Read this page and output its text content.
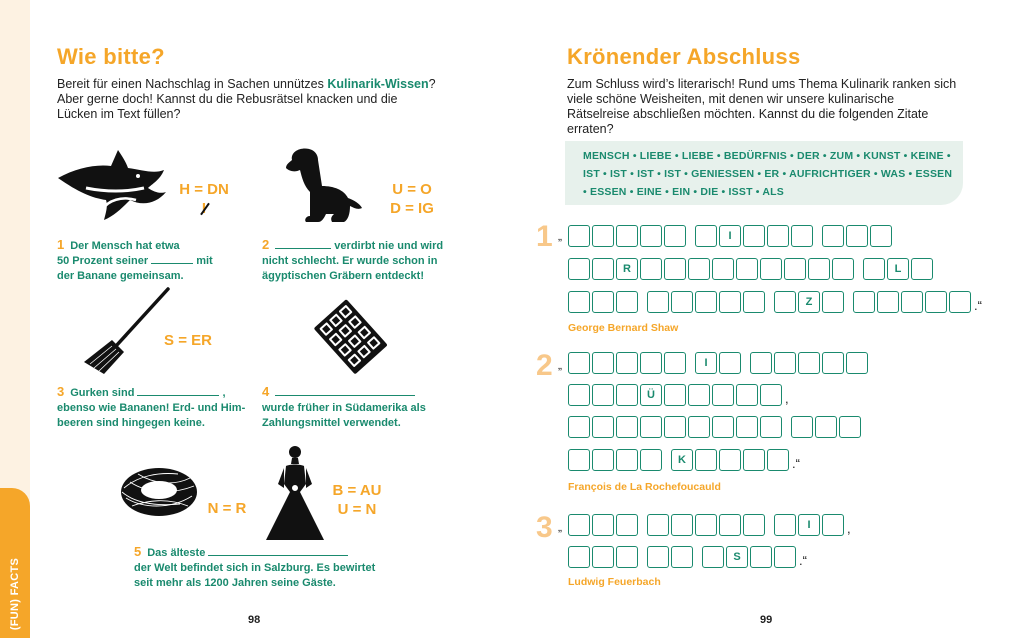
(FUN) FACTS
Wie bitte?
Bereit für einen Nachschlag in Sachen unnützes Kulinarik-Wissen? Aber gerne doch! Kannst du die Rebusrätsel knacken und die Lücken im Text füllen?
H = DN	U = O
D = IG
1 Der Mensch hat etwa
50 Prozent seiner	mit
der Banane gemeinsam.
2	verdirbt nie und wird
nicht schlecht. Er wurde schon in
ägyptischen Gräbern entdeckt!
S = ER
3 Gurken sind	,
ebenso wie Bananen! Erd- und Him-
beeren sind hingegen keine.
4
wurde früher in Südamerika als
Zahlungsmittel verwendet.
N = R
B = AU
U = N
5 Das älteste
der Welt befindet sich in Salzburg. Es bewirtet
seit mehr als 1200 Jahren seine Gäste.
98
Krönender Abschluss
Zum Schluss wird’s literarisch! Rund ums Thema Kulinarik ranken sich viele schöne Weisheiten, mit denen wir unsere kulinarische Rätselreise abschließen möchten. Kannst du die folgenden Zitate erraten?
MENSCH • LIEBE • LIEBE • BEDÜRFNIS • DER • ZUM • KUNST • KEINE • IST • IST • IST • IST • GENIESSEN • ER • AUFRICHTIGER • WAS • ESSEN • ESSEN • EINE • EIN • DIE • ISST • ALS
1 „	I
R	L
Z	.“
George Bernard Shaw
2 „	I
Ü	,
K	.“
François de La Rochefoucauld
3 „	I	,
S	.“
Ludwig Feuerbach
99
